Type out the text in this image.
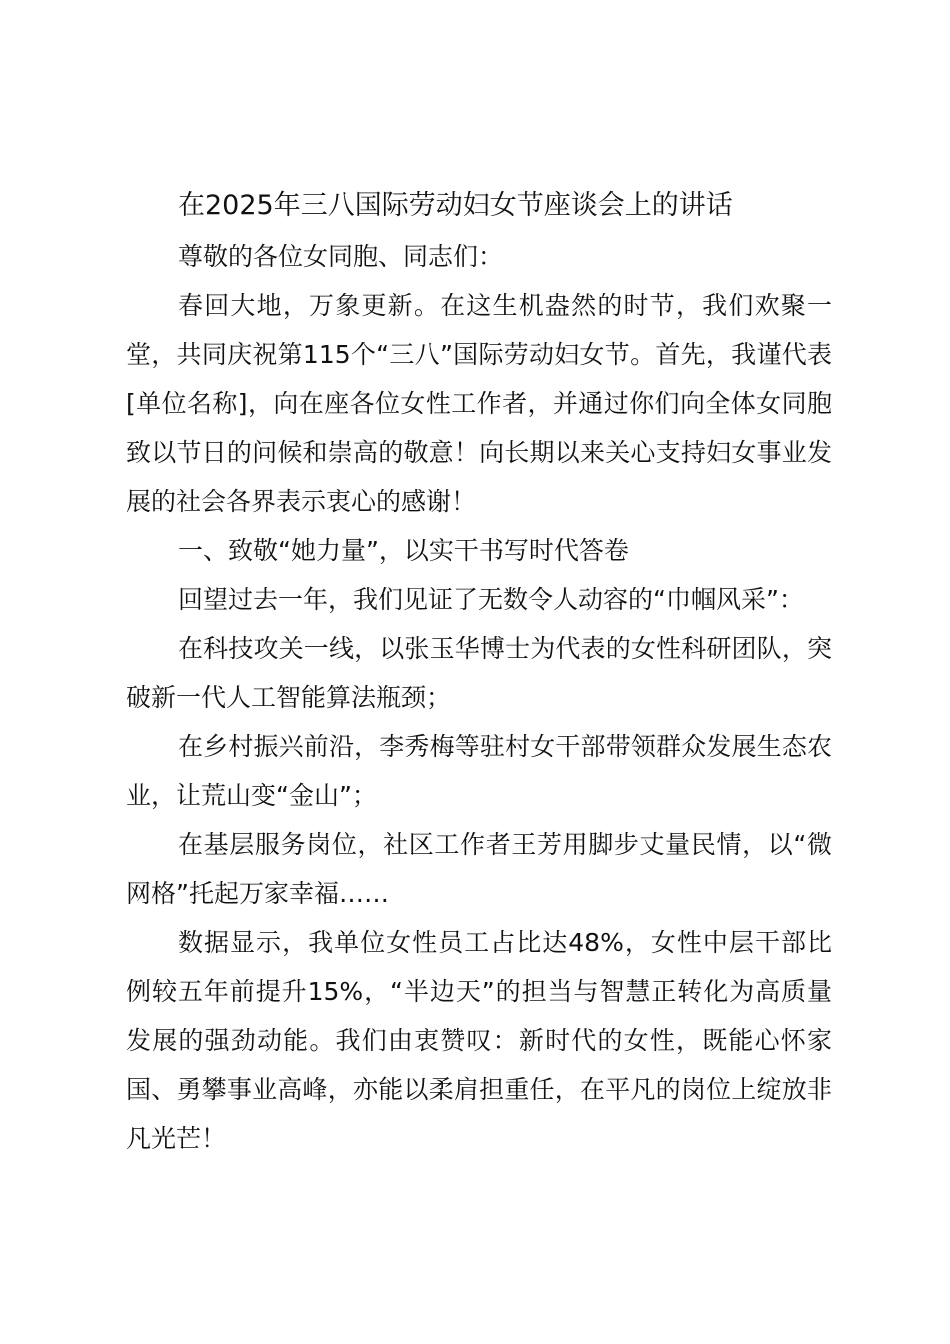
在2025年三八国际劳动妇女节座谈会上的讲话

尊敬的各位女同胞、同志们：

春回大地，万象更新。在这生机盎然的时节，我们欢聚一堂，共同庆祝第115个“三八”国际劳动妇女节。首先，我谨代表[单位名称]，向在座各位女性工作者，并通过你们向全体女同胞致以节日的问候和崇高的敬意！向长期以来关心支持妇女事业发展的社会各界表示衷心的感谢！

一、致敬“她力量”，以实干书写时代答卷

回望过去一年，我们见证了无数令人动容的“巾帼风采”：

在科技攻关一线，以张玉华博士为代表的女性科研团队，突破新一代人工智能算法瓶颈；

在乡村振兴前沿，李秀梅等驻村女干部带领群众发展生态农业，让荒山变“金山”；

在基层服务岗位，社区工作者王芳用脚步丈量民情，以“微网格”托起万家幸福……

数据显示，我单位女性员工占比达48%，女性中层干部比例较五年前提升15%，“半边天”的担当与智慧正转化为高质量发展的强劲动能。我们由衷赞叹：新时代的女性，既能心怀家国、勇攀事业高峰，亦能以柔肩担重任，在平凡的岗位上绽放非凡光芒！
